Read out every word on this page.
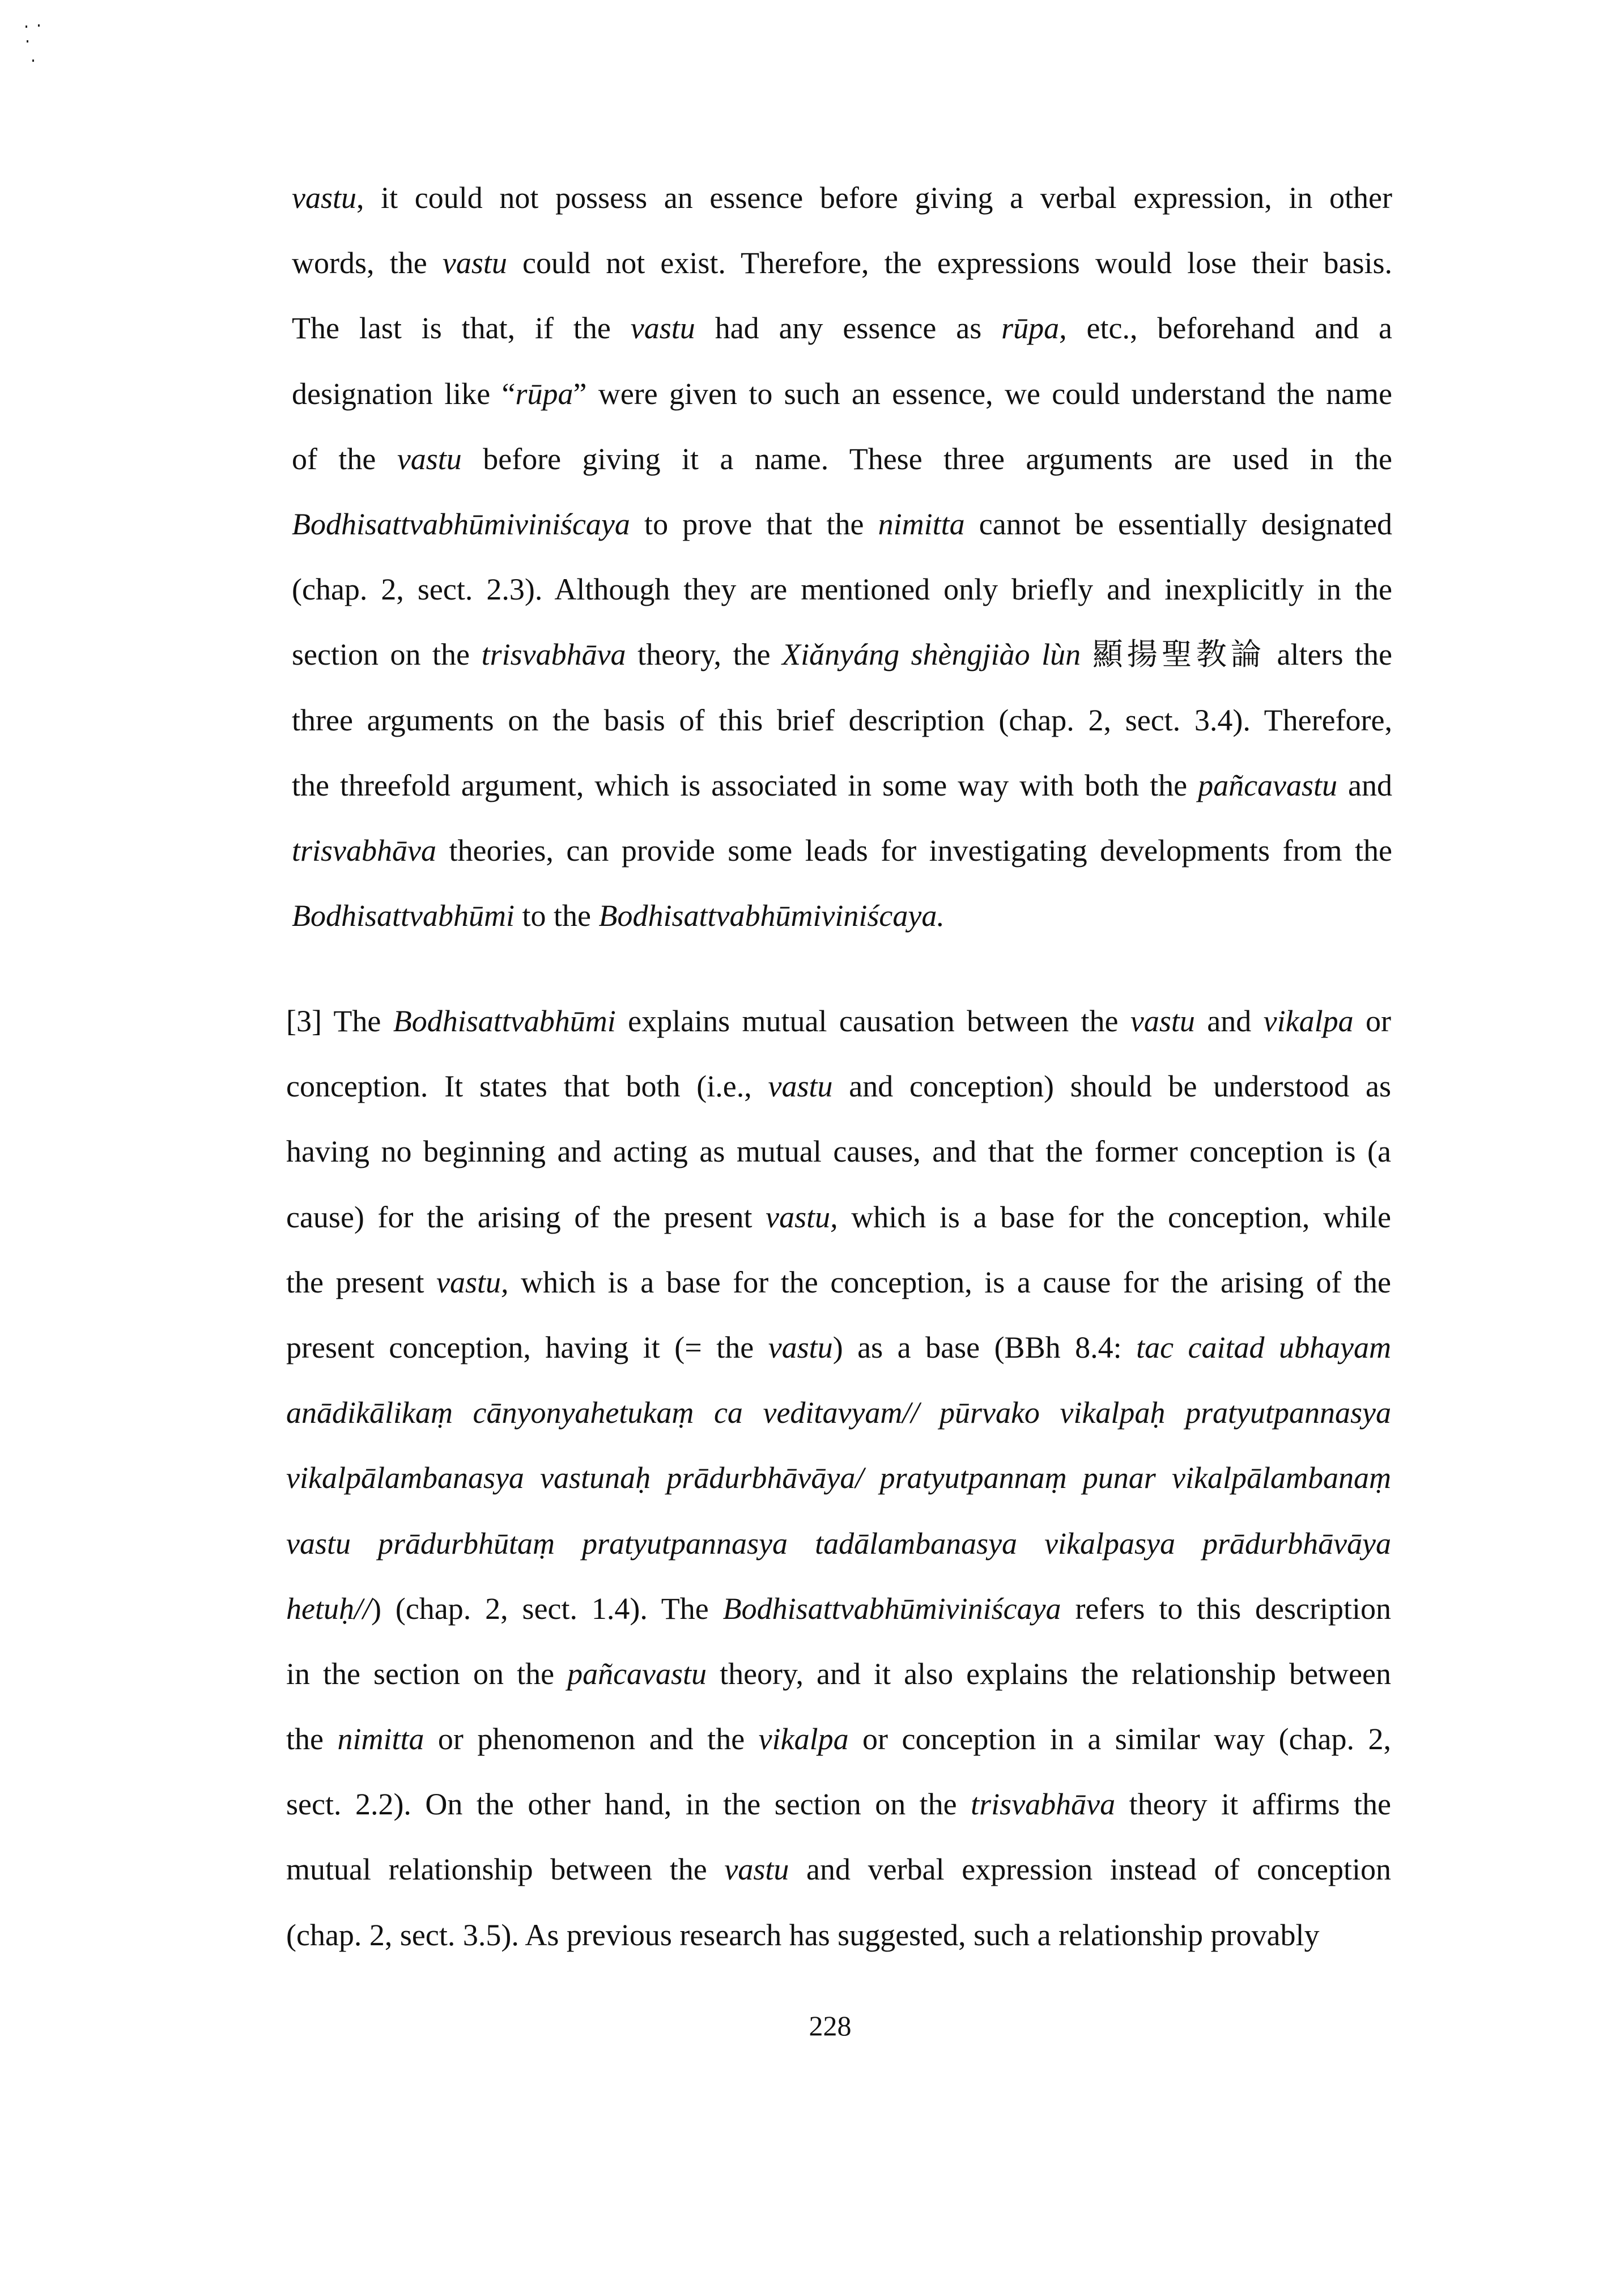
vastu, it could not possess an essence before giving a verbal expression, in other
words, the vastu could not exist. Therefore, the expressions would lose their basis.
The last is that, if the vastu had any essence as rūpa, etc., beforehand and a
designation like “rūpa” were given to such an essence, we could understand the name
of the vastu before giving it a name. These three arguments are used in the
Bodhisattvabhūmiviniścaya to prove that the nimitta cannot be essentially designated
(chap. 2, sect. 2.3). Although they are mentioned only briefly and inexplicitly in the
section on the trisvabhāva theory, the Xiǎnyáng shèngjiào lùn 顯揚聖教論 alters the
three arguments on the basis of this brief description (chap. 2, sect. 3.4). Therefore,
the threefold argument, which is associated in some way with both the pañcavastu and
trisvabhāva theories, can provide some leads for investigating developments from the
Bodhisattvabhūmi to the Bodhisattvabhūmiviniścaya.
[3] The Bodhisattvabhūmi explains mutual causation between the vastu and vikalpa or
conception. It states that both (i.e., vastu and conception) should be understood as
having no beginning and acting as mutual causes, and that the former conception is (a
cause) for the arising of the present vastu, which is a base for the conception, while
the present vastu, which is a base for the conception, is a cause for the arising of the
present conception, having it (= the vastu) as a base (BBh 8.4: tac caitad ubhayam
anādikālikaṃ cānyonyahetukaṃ ca veditavyam// pūrvako vikalpaḥ pratyutpannasya
vikalpālambanasya vastunaḥ prādurbhāvāya/ pratyutpannaṃ punar vikalpālambanaṃ
vastu prādurbhūtaṃ pratyutpannasya tadālambanasya vikalpasya prādurbhāvāya
hetuḥ//) (chap. 2, sect. 1.4). The Bodhisattvabhūmiviniścaya refers to this description
in the section on the pañcavastu theory, and it also explains the relationship between
the nimitta or phenomenon and the vikalpa or conception in a similar way (chap. 2,
sect. 2.2). On the other hand, in the section on the trisvabhāva theory it affirms the
mutual relationship between the vastu and verbal expression instead of conception
(chap. 2, sect. 3.5). As previous research has suggested, such a relationship provably
228
